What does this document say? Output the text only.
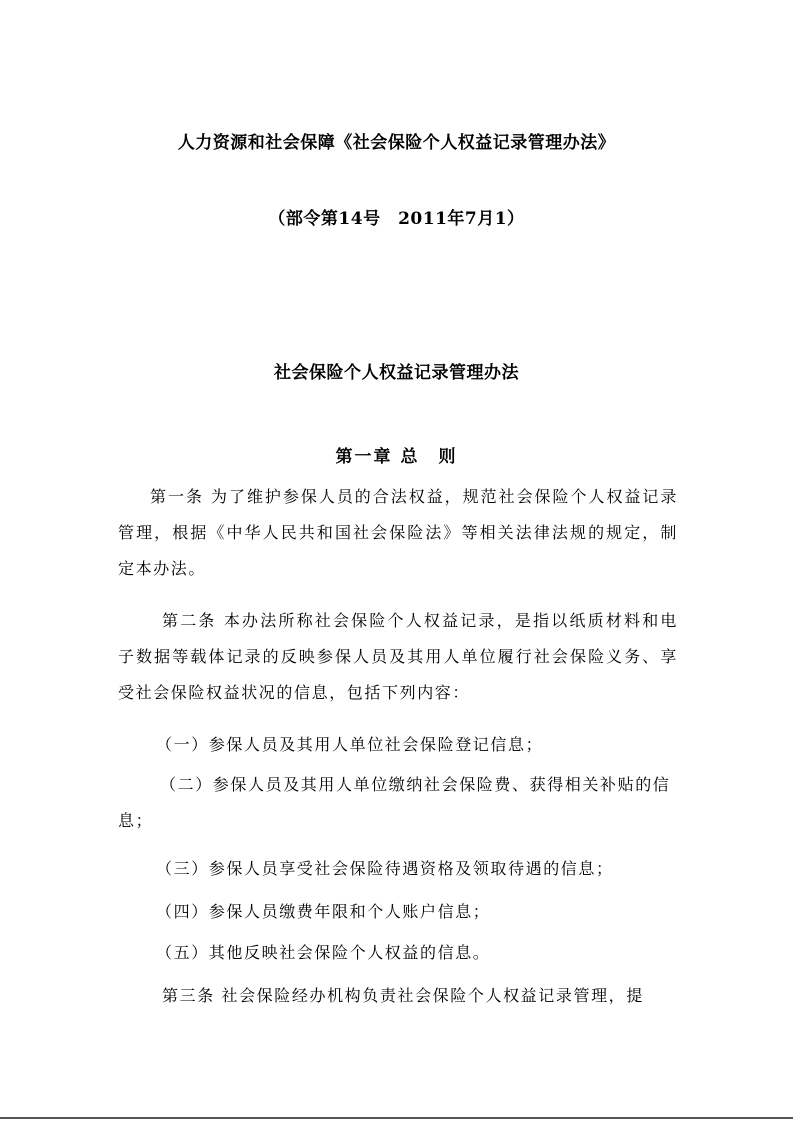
人力资源和社会保障《社会保险个人权益记录管理办法》
（部令第14号　2011年7月1）
社会保险个人权益记录管理办法
第一章 总　则
第一条 为了维护参保人员的合法权益，规范社会保险个人权益记录管理，根据《中华人民共和国社会保险法》等相关法律法规的规定，制定本办法。
第二条 本办法所称社会保险个人权益记录，是指以纸质材料和电子数据等载体记录的反映参保人员及其用人单位履行社会保险义务、享受社会保险权益状况的信息，包括下列内容：
（一）参保人员及其用人单位社会保险登记信息；
（二）参保人员及其用人单位缴纳社会保险费、获得相关补贴的信息；
（三）参保人员享受社会保险待遇资格及领取待遇的信息；
（四）参保人员缴费年限和个人账户信息；
（五）其他反映社会保险个人权益的信息。
第三条 社会保险经办机构负责社会保险个人权益记录管理，提
